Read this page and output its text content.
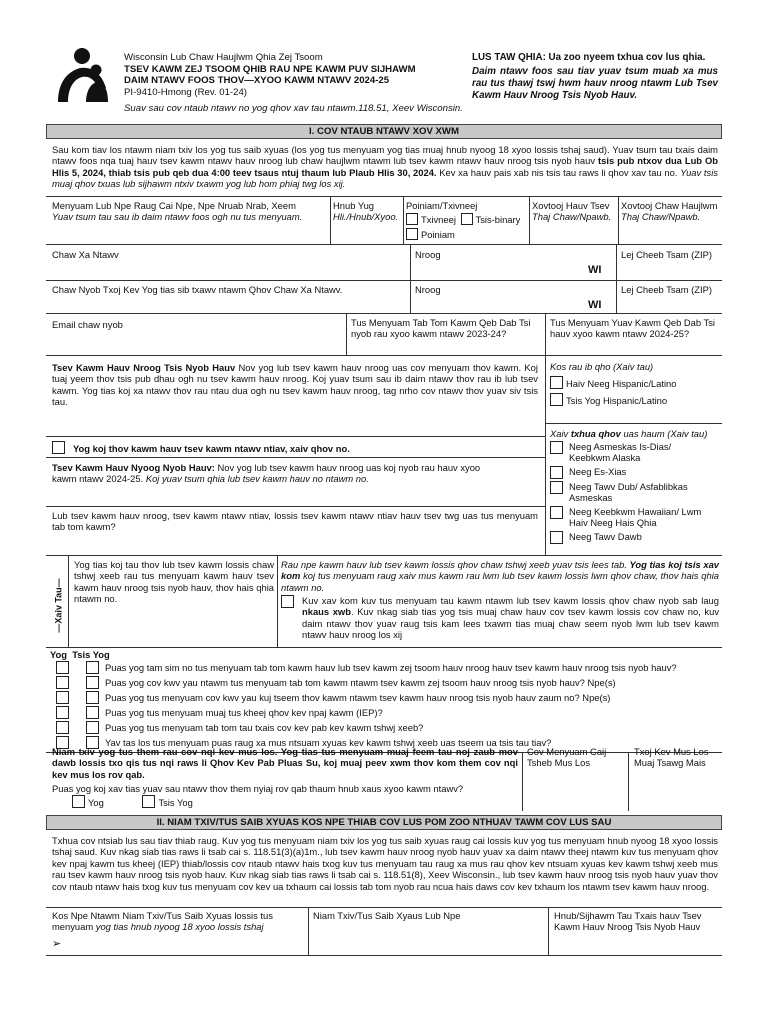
Wisconsin Lub Chaw Haujlwm Qhia Zej Tsoom
TSEV KAWM ZEJ TSOOM QHIB RAU NPE KAWM PUV SIJHAWM
DAIM NTAWV FOOS THOV—XYOO KAWM NTAWV 2024-25
PI-9410-Hmong (Rev. 01-24)
Suav sau cov ntaub ntawv no yog qhov xav tau ntawm.118.51, Xeev Wisconsin.
LUS TAW QHIA: Ua zoo nyeem txhua cov lus qhia.
Daim ntawv foos sau tiav yuav tsum muab xa mus rau tus thawj tswj hwm hauv nroog ntawm Lub Tsev Kawm Hauv Nroog Tsis Nyob Hauv.
I. COV NTAUB NTAWV XOV XWM
Sau kom tiav los ntawm niam txiv los yog tus saib xyuas (los yog tus menyuam yog tias muaj hnub nyoog 18 xyoo lossis tshaj saud). Yuav tsum tau txais daim ntawv foos nqa tuaj hauv tsev kawm ntawv hauv nroog lub chaw haujlwm ntawm lub tsev kawm ntawv hauv nroog tsis nyob hauv tsis pub ntxov dua Lub Ob Hlis 5, 2024, thiab tsis pub qeb dua 4:00 teev tsaus ntuj thaum lub Plaub Hlis 30, 2024. Kev xa hauv pais xab nis tsis tau raws li qhov xav tau no. Yuav tsis muaj qhov txuas lub sijhawm ntxiv txawm yog lub hom phiaj twg los xij.
Menyuam Lub Npe Raug Cai Npe, Npe Nruab Nrab, Xeem
Yuav tsum tau sau ib daim ntawv foos ogh nu tus menyuam.
Hnub Yug
Hli./Hnub/Xyoo.
Poiniam/Txivneej
Txivneej Tsis-binary
Poiniam
Xovtooj Hauv Tsev
Thaj Chaw/Npawb.
Xovtooj Chaw Haujlwm
Thaj Chaw/Npawb.
Chaw Xa Ntawv	Nroog
WI
Lej Cheeb Tsam (ZIP)
Chaw Nyob Txoj Kev Yog tias sib txawv ntawm Qhov Chaw Xa Ntawv.	Nroog
WI
Lej Cheeb Tsam (ZIP)
Email chaw nyob	Tus Menyuam Tab Tom Kawm Qeb Dab Tsi nyob rau xyoo kawm ntawv 2023-24?
Tus Menyuam Yuav Kawm Qeb Dab Tsi hauv xyoo kawm ntawv 2024-25?
Tsev Kawm Hauv Nroog Tsis Nyob Hauv Nov yog lub tsev kawm hauv nroog uas cov menyuam thov kawm. Koj tuaj yeem thov tsis pub dhau ogh nu tsev kawm hauv nroog. Koj yuav tsum sau ib daim ntawv thov rau ib lub tsev kawm. Yog tias koj xa ntawv thov rau ntau dua ogh nu tsev kawm hauv nroog, tag nrho cov ntawv thov yuav siv tsis tau.
Kos rau ib qho (Xaiv tau)
Haiv Neeg Hispanic/Latino
Tsis Yog Hispanic/Latino
Yog koj thov kawm hauv tsev kawm ntawv ntiav, xaiv qhov no.
Tsev Kawm Hauv Nyoog Nyob Hauv: Nov yog lub tsev kawm hauv nroog uas koj nyob rau hauv xyoo kawm ntawv 2024-25. Koj yuav tsum qhia lub tsev kawm hauv no ntawm no.
Lub tsev kawm hauv nroog, tsev kawm ntawv ntiav, lossis tsev kawm ntawv ntiav hauv tsev twg uas tus menyuam tab tom kawm?
Xaiv txhua qhov uas haum (Xaiv tau)
Neeg Asmeskas Is-Dias/ Keebkwm Alaska
Neeg Es-Xias
Neeg Tawv Dub/ Asfablibkas Asmeskas
Neeg Keebkwm Hawaiian/ Lwm Haiv Neeg Hais Qhia
Neeg Tawv Dawb
—Xaiv Tau—
Yog tias koj tau thov lub tsev kawm lossis chaw tshwj xeeb rau tus menyuam kawm hauv tsev kawm hauv nroog tsis nyob hauv, thov hais qhia ntawm no.
Rau npe kawm hauv lub tsev kawm lossis qhov chaw tshwj xeeb yuav tsis lees tab. Yog tias koj tsis xav kom koj tus menyuam raug xaiv mus kawm rau lwm lub tsev kawm lossis lwm qhov chaw, thov hais qhia ntawm no.
Kuv xav kom kuv tus menyuam tau kawm ntawm lub tsev kawm lossis qhov chaw nyob sab laug nkaus xwb. Kuv nkag siab tias yog tsis muaj chaw hauv cov tsev kawm lossis cov chaw no, kuv daim ntawv thov yuav raug tsis kam lees txawm tias muaj chaw seem nyob lwm lub tsev kawm ntawv hauv nroog los xij
Yog  Tsis Yog
Puas yog tam sim no tus menyuam tab tom kawm hauv lub tsev kawm zej tsoom hauv nroog hauv tsev kawm hauv nroog tsis nyob hauv?
Puas yog cov kwv yau ntawm tus menyuam tab tom kawm ntawm tsev kawm zej tsoom hauv nroog tsis nyob hauv? Npe(s)
Puas yog tus menyuam cov kwv yau kuj tseem thov kawm ntawm tsev kawm hauv nroog tsis nyob hauv zaum no? Npe(s)
Puas yog tus menyuam muaj tus kheej qhov kev npaj kawm (IEP)?
Puas yog tus menyuam tab tom tau txais cov kev pab kev kawm tshwj xeeb?
Yav tas los tus menyuam puas raug xa mus ntsuam xyuas kev kawm tshwj xeeb uas tseem ua tsis tau tiav?
Niam txiv yog tus them rau cov nqi kev mus los. Yog tias tus menyuam muaj feem tau noj zaub mov dawb lossis txo qis tus nqi raws li Qhov Kev Pab Pluas Su, koj muaj peev xwm thov kom them cov nqi kev mus los rov qab.
Puas yog koj xav tias yuav sau ntawv thov them nyiaj rov qab thaum hnub xaus xyoo kawm ntawv?
Yog	Tsis Yog
Cov Menyuam Caij Tsheb Mus Los
Txoj Kev Mus Los Muaj Tsawg Mais
II. NIAM TXIV/TUS SAIB XYUAS KOS NPE THIAB COV LUS POM ZOO NTHUAV TAWM COV LUS SAU
Txhua cov ntsiab lus sau tiav thiab raug. Kuv yog tus menyuam niam txiv los yog tus saib xyuas raug cai lossis kuv yog tus menyuam hnub nyoog 18 xyoo lossis tshaj saud. Kuv nkag siab tias raws li tsab cai s. 118.51(3)(a)1m., lub tsev kawm hauv nroog nyob hauv yuav xa daim ntawv theej ntawm kuv tus menyuam qhov kev npaj kawm tus kheej (IEP) thiab/lossis cov ntaub ntawv hais txog kuv tus menyuam tau raug xa mus rau qhov kev ntsuam xyuas kev kawm tshwj xeeb mus rau tsev kawm hauv nroog tsis nyob hauv. Kuv nkag siab tias raws li tsab cai s. 118.51(8), Xeev Wisconsin., lub tsev kawm hauv nroog tsis nyob hauv yuav thov cov ntaub ntawv hais txog kuv tus menyuam cov kev ua txhaum cai lossis tab tom nyob rau ncua hais daws cov kev txhaum los ntawm tsev kawm hauv nroog.
Kos Npe Ntawm Niam Txiv/Tus Saib Xyuas lossis tus menyuam yog tias hnub nyoog 18 xyoo lossis tshaj
➢
Niam Txiv/Tus Saib Xyaus Lub Npe	Hnub/Sijhawm Tau Txais hauv Tsev Kawm Hauv Nroog Tsis Nyob Hauv
